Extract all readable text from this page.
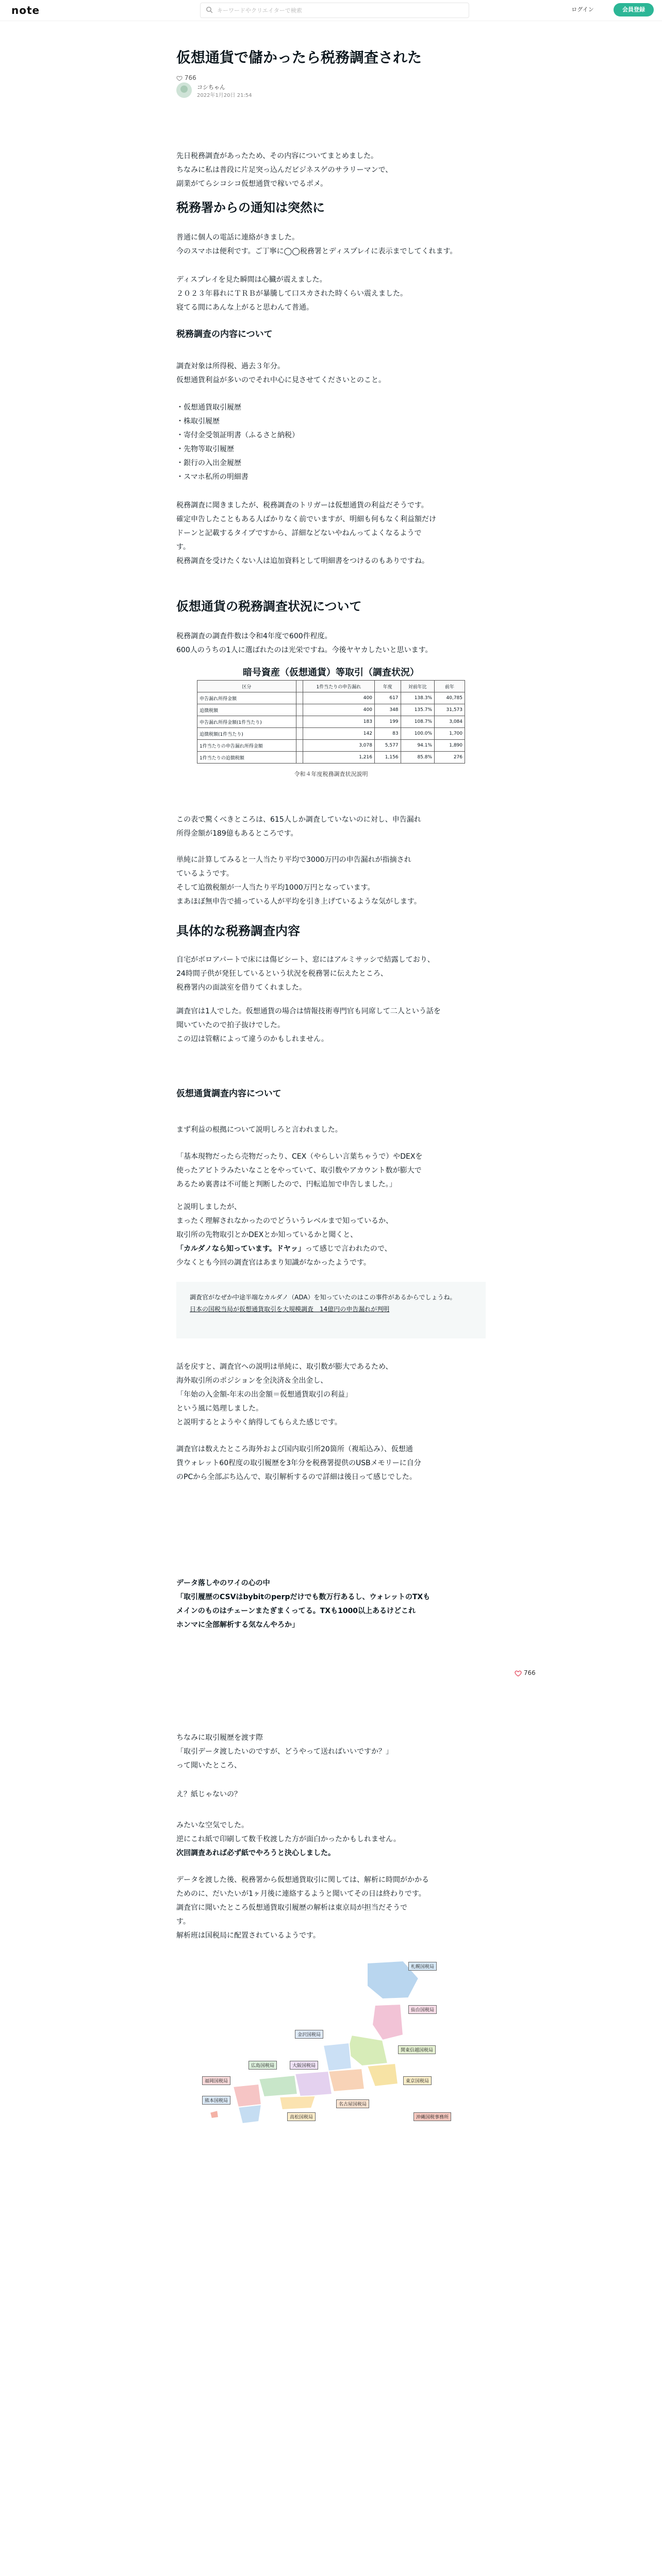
note	キーワードやクリエイターで検索	ログイン	会員登録
仮想通貨で儲かったら税務調査された
766
コシちゃん
2022年1月20日 21:54

先日税務調査があったため、その内容についてまとめました。

ちなみに私は普段に片足突っ込んだビジネスゲのサラリーマンで、

副業がてらシコシコ仮想通貨で稼いでるポメ。

税務署からの通知は突然に

普通に個人の電話に連絡がきました。

今のスマホは便利です。ご丁寧に◯◯税務署とディスプレイに表示までしてくれます。

ディスプレイを見た瞬間は心臓が震えました。

２０２３年暮れにＴＲＢが暴騰して口スカされた時くらい震えました。

寝てる間にあんな上がると思わんて普通。

税務調査の内容について

調査対象は所得税、過去３年分。

仮想通貨利益が多いのでそれ中心に見させてくださいとのこと。

・仮想通貨取引履歴
・株取引履歴
・寄付金受領証明書（ふるさと納税）
・先物等取引履歴
・銀行の入出金履歴
・スマホ私所の明細書

税務調査に聞きましたが、税務調査のトリガーは仮想通貨の利益だそうです。

確定申告したこともある人ばかりなく前でいますが、明細も何もなく利益額だけ

ドーンと記載するタイプですから、詳細などないやねんってよくなるようで

す。

税務調査を受けたくない人は追加資料として明細書をつけるのもありですね。

仮想通貨の税務調査状況について

税務調査の調査件数は令和4年度で600件程度。

600人のうちの1人に選ばれたのは光栄ですね。今後ヤヤカしたいと思います。

暗号資産（仮想通貨）等取引（調査状況）
区分		1件当たりの申告漏れ	年度	対前年比	前年
申告漏れ所得金額		400	617	138.3%	40,785
追徴税額		400	348	135.7%	31,573
申告漏れ所得金額(1件当たり)		183	199	108.7%	3,084
追徴税額(1件当たり)		142	83	100.0%	1,700
1件当たりの申告漏れ所得金額		3,078	5,577	94.1%	1,890
1件当たりの追徴税額		1,216	1,156	85.8%	276
令和４年度税務調査状況説明

この表で驚くべきところは、615人しか調査していないのに対し、申告漏れ

所得金額が189億もあるところです。

単純に計算してみると一人当たり平均で3000万円の申告漏れが指摘され

ているようです。

そして追徴税額が一人当たり平均1000万円となっています。

まあほぼ無申告で捕っている人が平均を引き上げているような気がします。

具体的な税務調査内容

自宅がボロアパートで床には傷ビシート、窓にはアルミサッシで結露しており、

24時間子供が発狂しているという状況を税務署に伝えたところ、

税務署内の面談室を借りてくれました。

調査官は1人でした。仮想通貨の場合は情報技術専門官も同席して二人という話を

聞いていたので拍子抜けでした。

この辺は管轄によって違うのかもしれません。

仮想通貨調査内容について

まず利益の根拠について説明しろと言われました。

「基本現物だったら売物だったり、CEX（やらしい言葉ちゃうで）やDEXを

使ったアビトラみたいなことをやっていて、取引数やアカウント数が膨大で

あるため裏書は不可能と判断したので、円転追加で申告しました。」

と説明しましたが、

まったく理解されなかったのでどういうレベルまで知っているか、

取引所の先物取引とかDEXとか知っているかと聞くと、

「カルダノなら知っています。ドヤッ」って感じで言われたので、

少なくとも今回の調査官はあまり知識がなかったようです。

調査官がなぜか中途半端なカルダノ（ADA）を知っていたのはこの事件があるからでしょうね。

日本の国税当局が仮想通貨取引を大規模調査　14億円の申告漏れが判明

話を戻すと、調査官への説明は単純に、取引数が膨大であるため、

海外取引所のポジションを全決済＆全出金し、

「年始の入金額-年末の出金額＝仮想通貨取引の利益」

という風に処理しました。

と説明するとようやく納得してもらえた感じです。

調査官は数えたところ海外および国内取引所20箇所（複垢込み）、仮想通

貨ウォレット60程度の取引履歴を3年分を税務署提供のUSBメモリーに自分

のPCから全部ぶち込んで、取引解析するので詳細は後日って感じでした。

データ落しやのワイの心の中

「取引履歴のCSVはbybitのperpだけでも数万行あるし、ウォレットのTXも

メインのものはチェーンまたぎまくってる。TXも1000以上あるけどこれ

ホンマに全部解析する気なんやろか」

ちなみに取引履歴を渡す際

「取引データ渡したいのですが、どうやって送ればいいですか？」

って聞いたところ、

え？紙じゃないの？

みたいな空気でした。

逆にこれ紙で印刷して数千枚渡した方が面白かったかもしれません。

次回調査あれば必ず紙でやろうと決心しました。

データを渡した後、税務署から仮想通貨取引に関しては、解析に時間がかかる

ためのに、だいたいが1ヶ月後に連絡するようと聞いてその日は終わりです。

調査官に聞いたところ仮想通貨取引履歴の解析は東京局が担当だそうで

す。

解析班は国税局に配置されているようです。

札幌国税局
仙台国税局
関東信越国税局
東京国税局
金沢国税局
名古屋国税局
大阪国税局
広島国税局
高松国税局
福岡国税局
熊本国税局
沖縄国税事務所

766
